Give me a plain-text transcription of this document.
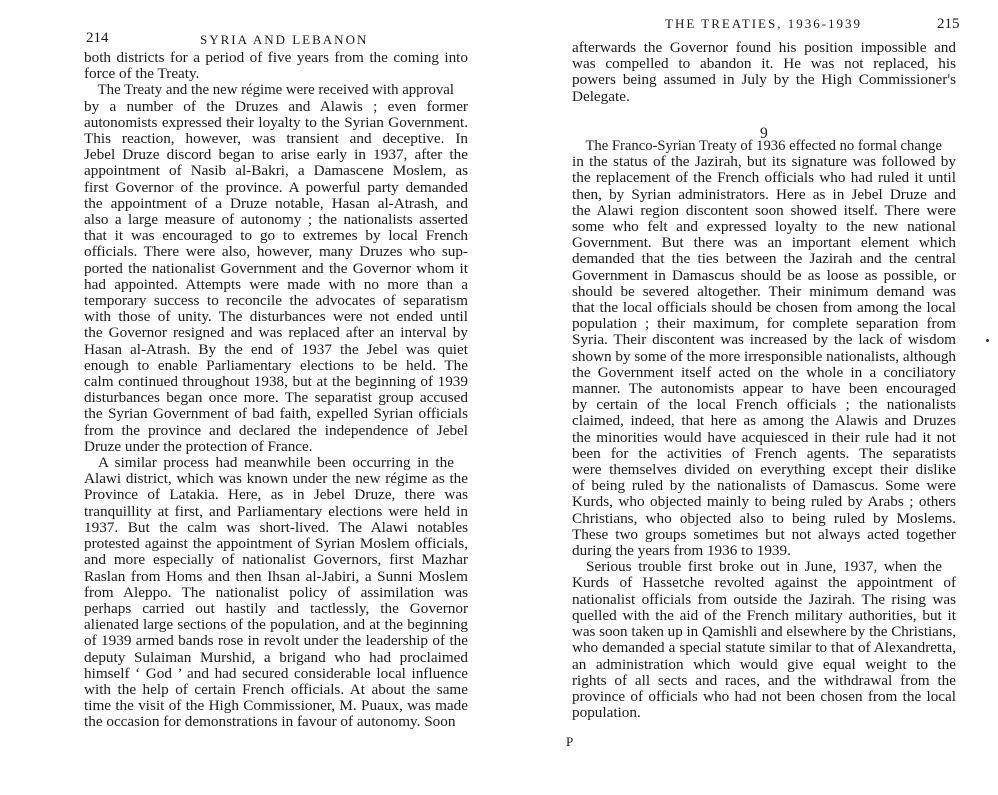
214	SYRIA AND LEBANON
both districts for a period of five years from the coming into
force of the Treaty.
The Treaty and the new régime were received with approval
by a number of the Druzes and Alawis ; even former
autonomists expressed their loyalty to the Syrian Government.
This reaction, however, was transient and deceptive. In
Jebel Druze discord began to arise early in 1937, after the
appointment of Nasib al-Bakri, a Damascene Moslem, as
first Governor of the province. A powerful party demanded
the appointment of a Druze notable, Hasan al-Atrash, and
also a large measure of autonomy ; the nationalists asserted
that it was encouraged to go to extremes by local French
officials. There were also, however, many Druzes who sup-
ported the nationalist Government and the Governor whom it
had appointed. Attempts were made with no more than a
temporary success to reconcile the advocates of separatism
with those of unity. The disturbances were not ended until
the Governor resigned and was replaced after an interval by
Hasan al-Atrash. By the end of 1937 the Jebel was quiet
enough to enable Parliamentary elections to be held. The
calm continued throughout 1938, but at the beginning of 1939
disturbances began once more. The separatist group accused
the Syrian Government of bad faith, expelled Syrian officials
from the province and declared the independence of Jebel
Druze under the protection of France.
A similar process had meanwhile been occurring in the
Alawi district, which was known under the new régime as the
Province of Latakia. Here, as in Jebel Druze, there was
tranquillity at first, and Parliamentary elections were held in
1937. But the calm was short-lived. The Alawi notables
protested against the appointment of Syrian Moslem officials,
and more especially of nationalist Governors, first Mazhar
Raslan from Homs and then Ihsan al-Jabiri, a Sunni Moslem
from Aleppo. The nationalist policy of assimilation was
perhaps carried out hastily and tactlessly, the Governor
alienated large sections of the population, and at the beginning
of 1939 armed bands rose in revolt under the leadership of the
deputy Sulaiman Murshid, a brigand who had proclaimed
himself ‘ God ’ and had secured considerable local influence
with the help of certain French officials. At about the same
time the visit of the High Commissioner, M. Puaux, was made
the occasion for demonstrations in favour of autonomy. Soon
THE TREATIES, 1936-1939	215
afterwards the Governor found his position impossible and
was compelled to abandon it. He was not replaced, his
powers being assumed in July by the High Commissioner's
Delegate.
9
The Franco-Syrian Treaty of 1936 effected no formal change
in the status of the Jazirah, but its signature was followed by
the replacement of the French officials who had ruled it until
then, by Syrian administrators. Here as in Jebel Druze and
the Alawi region discontent soon showed itself. There were
some who felt and expressed loyalty to the new national
Government. But there was an important element which
demanded that the ties between the Jazirah and the central
Government in Damascus should be as loose as possible, or
should be severed altogether. Their minimum demand was
that the local officials should be chosen from among the local
population ; their maximum, for complete separation from
Syria. Their discontent was increased by the lack of wisdom
shown by some of the more irresponsible nationalists, although
the Government itself acted on the whole in a conciliatory
manner. The autonomists appear to have been encouraged
by certain of the local French officials ; the nationalists
claimed, indeed, that here as among the Alawis and Druzes
the minorities would have acquiesced in their rule had it not
been for the activities of French agents. The separatists
were themselves divided on everything except their dislike
of being ruled by the nationalists of Damascus. Some were
Kurds, who objected mainly to being ruled by Arabs ; others
Christians, who objected also to being ruled by Moslems.
These two groups sometimes but not always acted together
during the years from 1936 to 1939.
Serious trouble first broke out in June, 1937, when the
Kurds of Hassetche revolted against the appointment of
nationalist officials from outside the Jazirah. The rising was
quelled with the aid of the French military authorities, but it
was soon taken up in Qamishli and elsewhere by the Christians,
who demanded a special statute similar to that of Alexandretta,
an administration which would give equal weight to the
rights of all sects and races, and the withdrawal from the
province of officials who had not been chosen from the local
population.
P
